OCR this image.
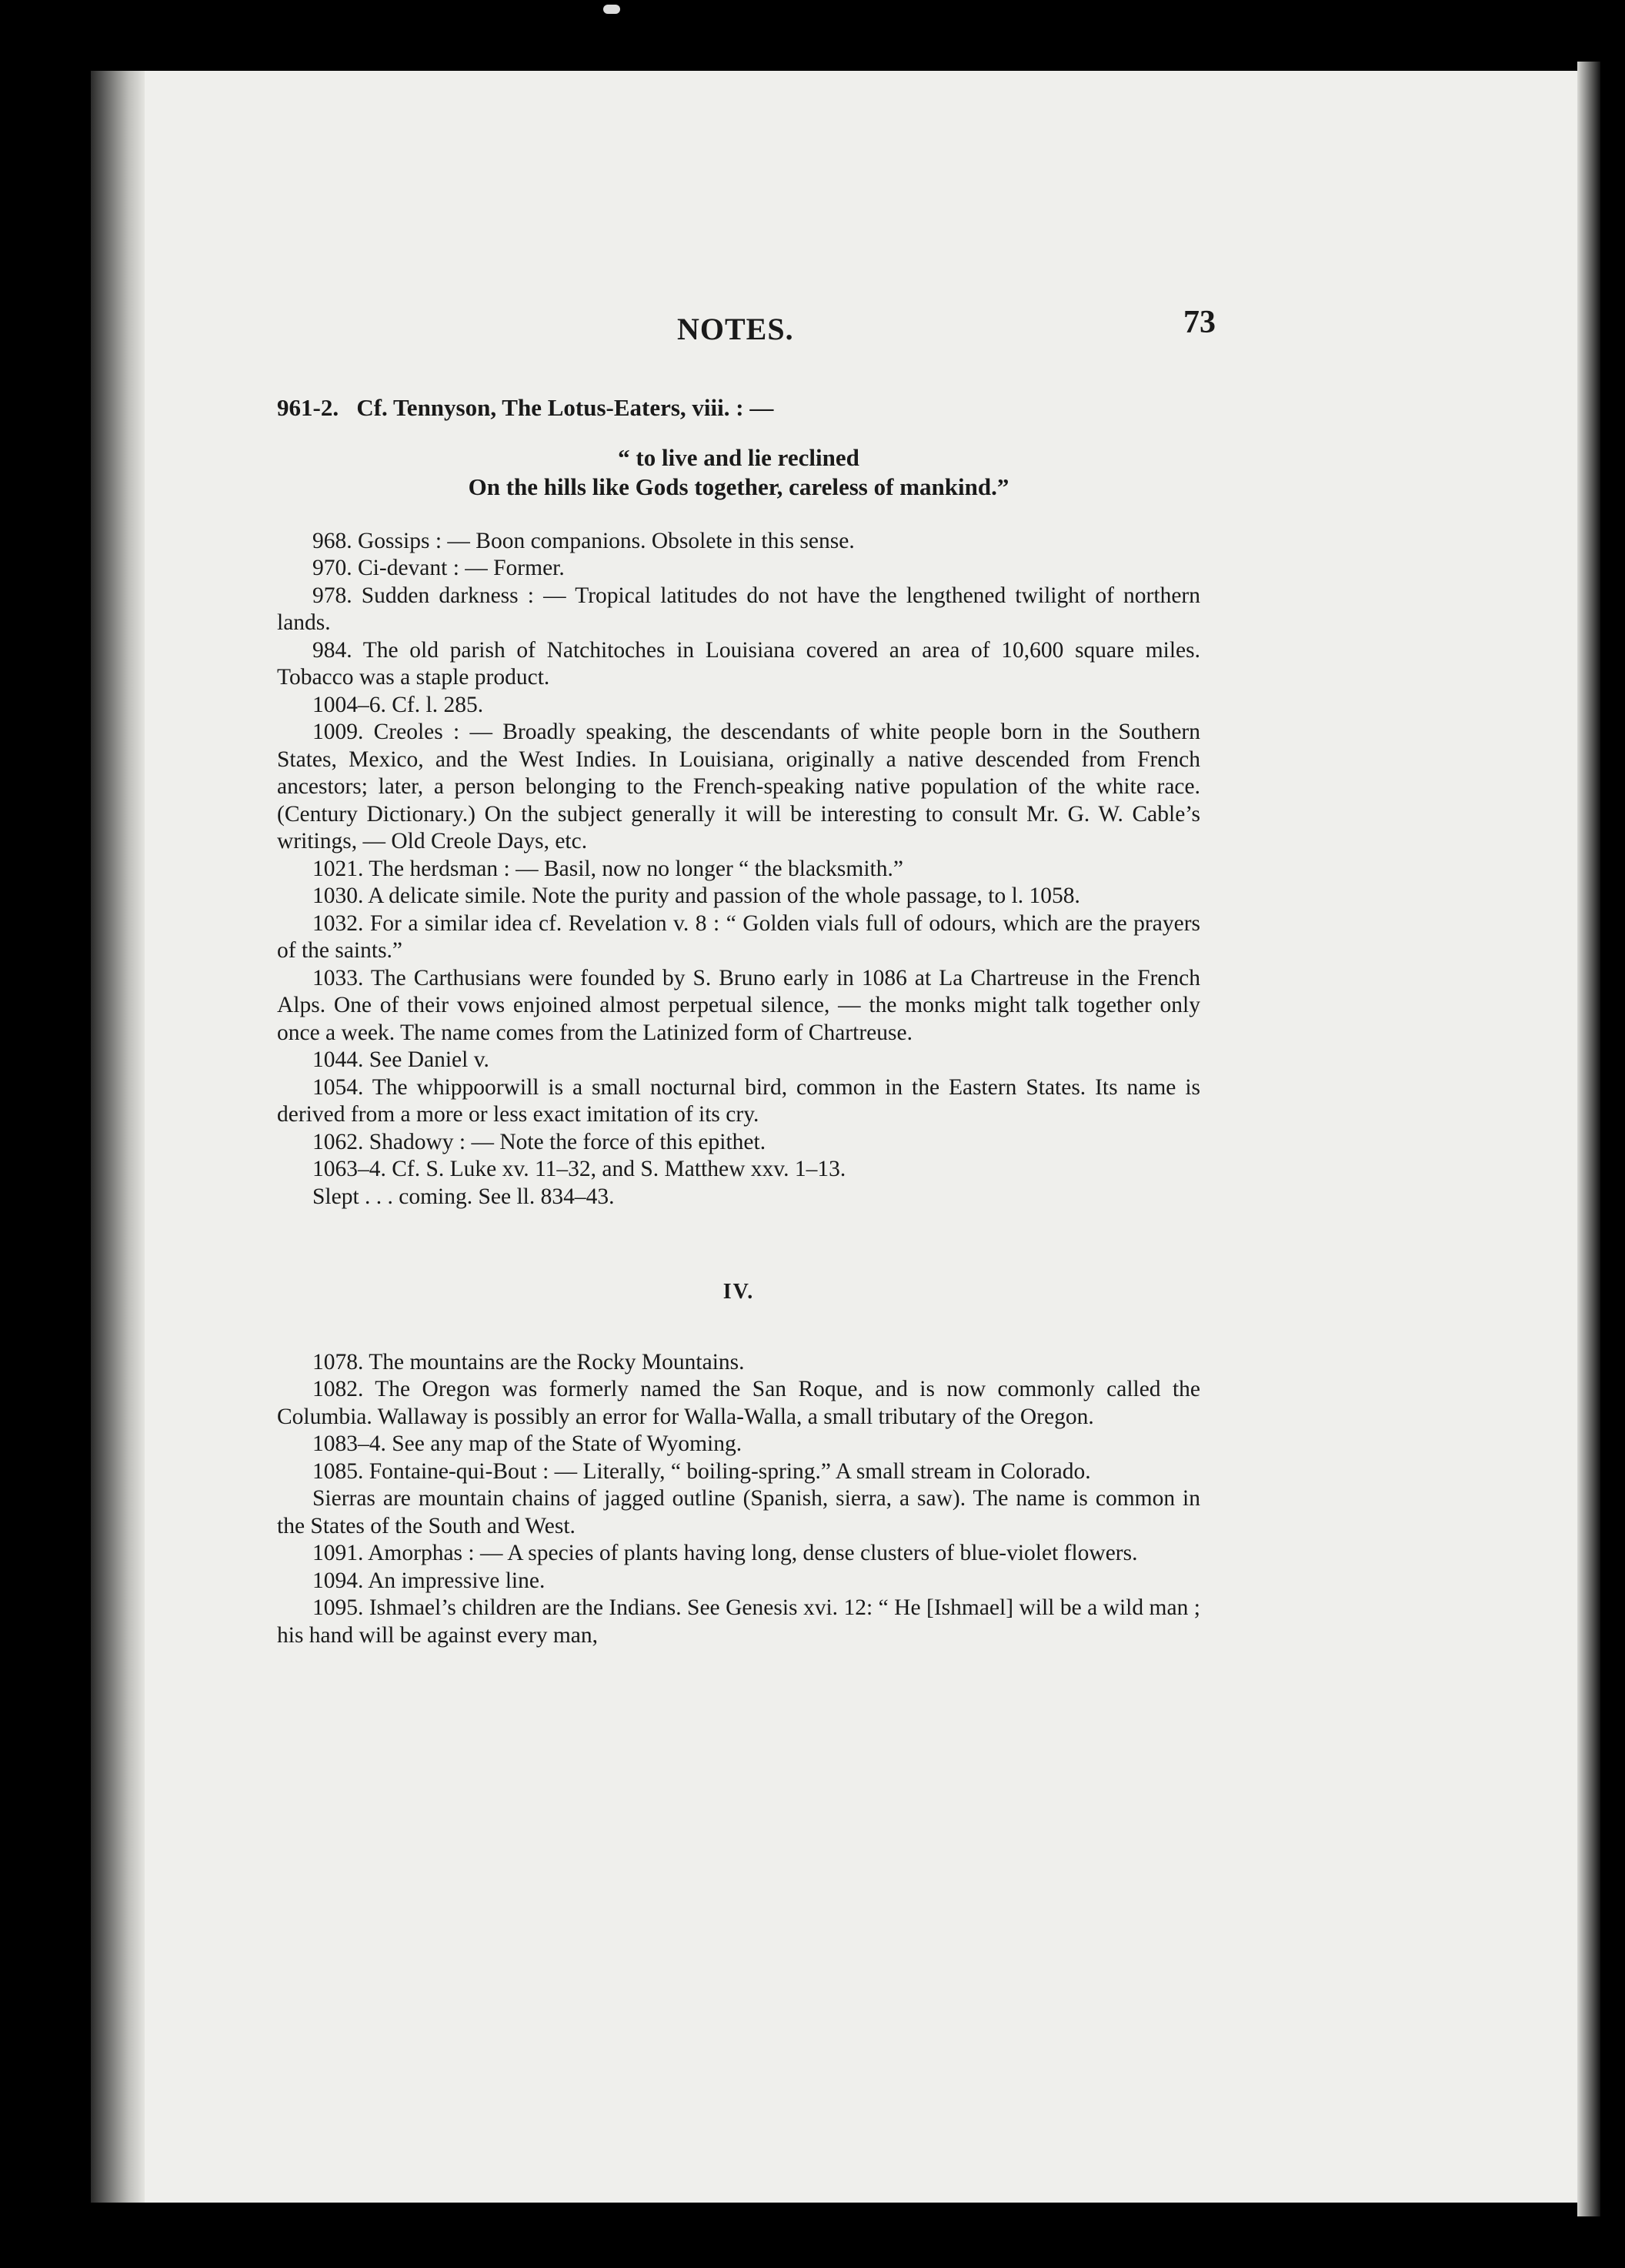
NOTES.	73

961-2. Cf. Tennyson, The Lotus-Eaters, viii. : —

“ to live and lie reclined
On the hills like Gods together, careless of mankind.”

968. Gossips : — Boon companions. Obsolete in this sense.

970. Ci-devant : — Former.

978. Sudden darkness : — Tropical latitudes do not have the lengthened twilight of northern lands.

984. The old parish of Natchitoches in Louisiana covered an area of 10,600 square miles. Tobacco was a staple product.

1004–6. Cf. l. 285.

1009. Creoles : — Broadly speaking, the descendants of white people born in the Southern States, Mexico, and the West Indies. In Louisiana, originally a native descended from French ancestors; later, a person belonging to the French-speaking native population of the white race. (Century Dictionary.) On the subject generally it will be interesting to consult Mr. G. W. Cable’s writings, — Old Creole Days, etc.

1021. The herdsman : — Basil, now no longer “ the blacksmith.”

1030. A delicate simile. Note the purity and passion of the whole passage, to l. 1058.

1032. For a similar idea cf. Revelation v. 8 : “ Golden vials full of odours, which are the prayers of the saints.”

1033. The Carthusians were founded by S. Bruno early in 1086 at La Chartreuse in the French Alps. One of their vows enjoined almost perpetual silence, — the monks might talk together only once a week. The name comes from the Latinized form of Chartreuse.

1044. See Daniel v.

1054. The whippoorwill is a small nocturnal bird, common in the Eastern States. Its name is derived from a more or less exact imitation of its cry.

1062. Shadowy : — Note the force of this epithet.

1063–4. Cf. S. Luke xv. 11–32, and S. Matthew xxv. 1–13.

Slept . . . coming. See ll. 834–43.

IV.

1078. The mountains are the Rocky Mountains.

1082. The Oregon was formerly named the San Roque, and is now commonly called the Columbia. Wallaway is possibly an error for Walla-Walla, a small tributary of the Oregon.

1083–4. See any map of the State of Wyoming.

1085. Fontaine-qui-Bout : — Literally, “ boiling-spring.” A small stream in Colorado.

Sierras are mountain chains of jagged outline (Spanish, sierra, a saw). The name is common in the States of the South and West.

1091. Amorphas : — A species of plants having long, dense clusters of blue-violet flowers.

1094. An impressive line.

1095. Ishmael’s children are the Indians. See Genesis xvi. 12: “ He [Ishmael] will be a wild man ; his hand will be against every man,
